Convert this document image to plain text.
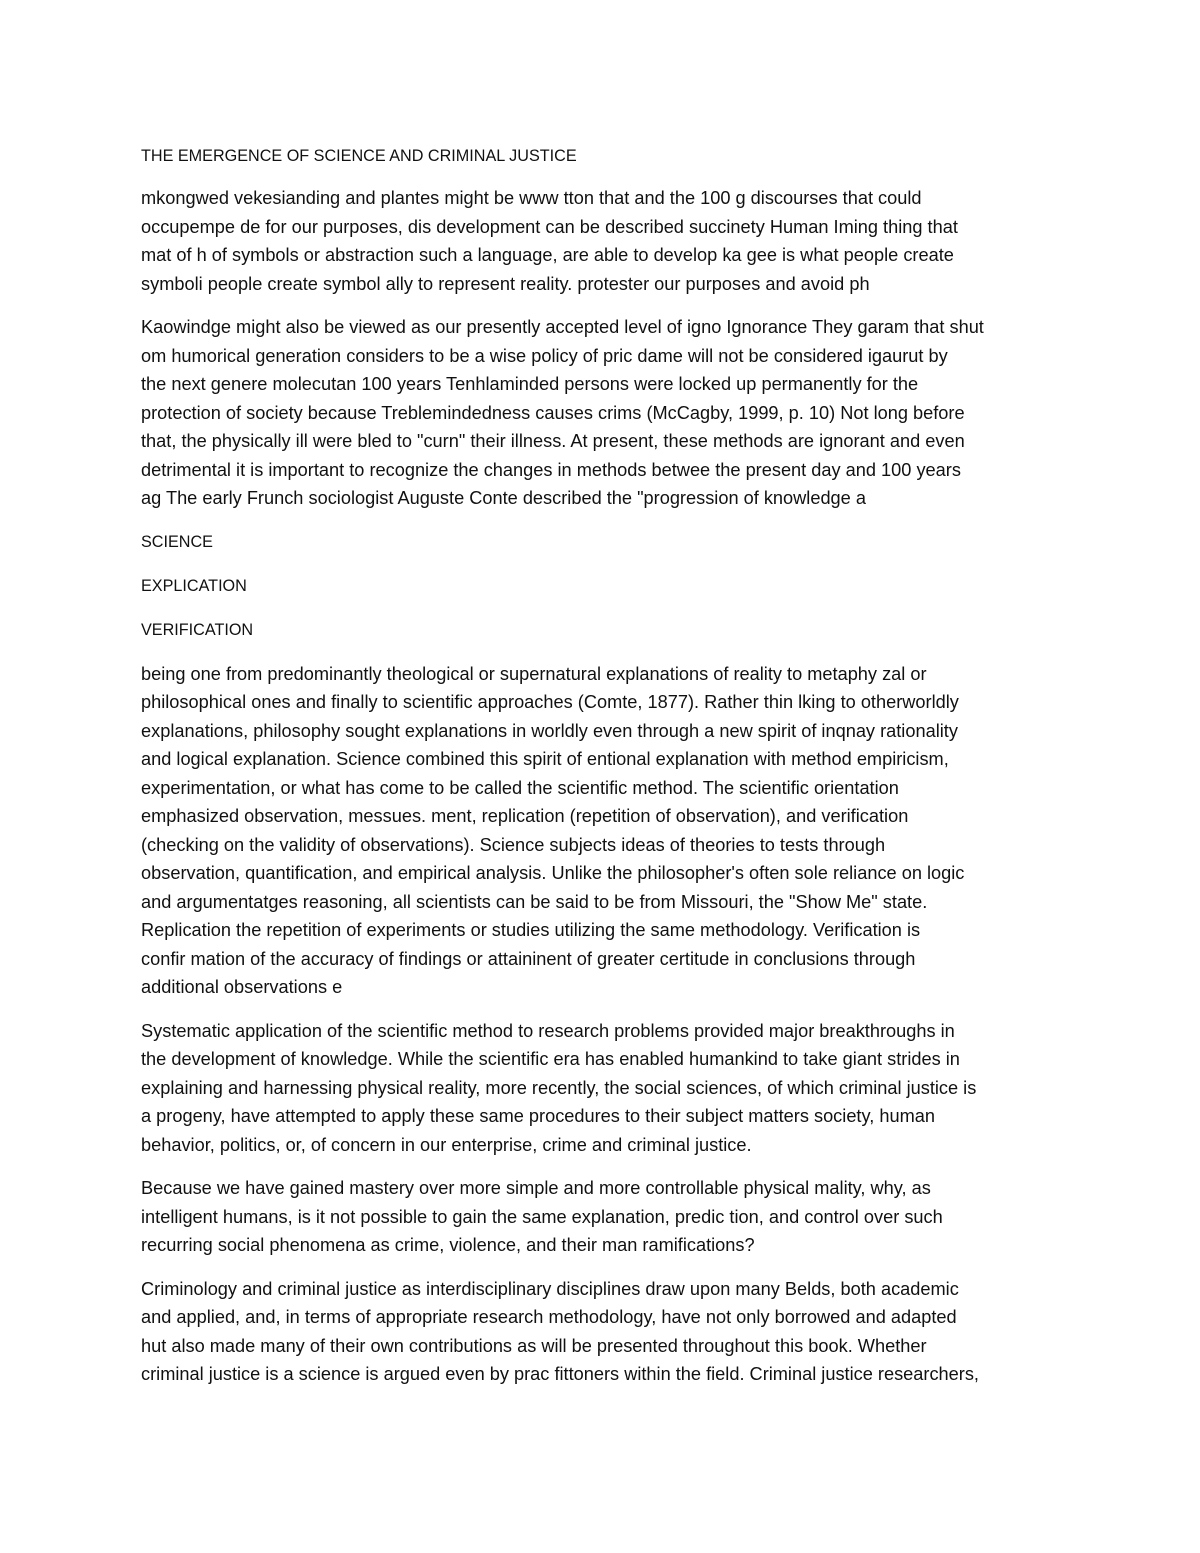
THE EMERGENCE OF SCIENCE AND CRIMINAL JUSTICE
mkongwed vekesianding and plantes might be www tton that and the 100 g discourses that could
occupempe de for our purposes, dis development can be described succinety Human Iming thing that
mat of h of symbols or abstraction such a language, are able to develop ka gee is what people create
symboli people create symbol ally to represent reality. protester our purposes and avoid ph
Kaowindge might also be viewed as our presently accepted level of igno Ignorance They garam that shut
om humorical generation considers to be a wise policy of pric dame will not be considered igaurut by
the next genere molecutan 100 years Tenhlaminded persons were locked up permanently for the
protection of society because Treblemindedness causes crims (McCagby, 1999, p. 10) Not long before
that, the physically ill were bled to "curn" their illness. At present, these methods are ignorant and even
detrimental it is important to recognize the changes in methods betwee the present day and 100 years
ag The early Frunch sociologist Auguste Conte described the "progression of knowledge a
SCIENCE
EXPLICATION
VERIFICATION
being one from predominantly theological or supernatural explanations of reality to metaphy zal or
philosophical ones and finally to scientific approaches (Comte, 1877). Rather thin lking to otherworldly
explanations, philosophy sought explanations in worldly even through a new spirit of inqnay rationality
and logical explanation. Science combined this spirit of entional explanation with method empiricism,
experimentation, or what has come to be called the scientific method. The scientific orientation
emphasized observation, messues. ment, replication (repetition of observation), and verification
(checking on the validity of observations). Science subjects ideas of theories to tests through
observation, quantification, and empirical analysis. Unlike the philosopher's often sole reliance on logic
and argumentatges reasoning, all scientists can be said to be from Missouri, the "Show Me" state.
Replication the repetition of experiments or studies utilizing the same methodology. Verification is
confir mation of the accuracy of findings or attaininent of greater certitude in conclusions through
additional observations e
Systematic application of the scientific method to research problems provided major breakthroughs in
the development of knowledge. While the scientific era has enabled humankind to take giant strides in
explaining and harnessing physical reality, more recently, the social sciences, of which criminal justice is
a progeny, have attempted to apply these same procedures to their subject matters society, human
behavior, politics, or, of concern in our enterprise, crime and criminal justice.
Because we have gained mastery over more simple and more controllable physical mality, why, as
intelligent humans, is it not possible to gain the same explanation, predic tion, and control over such
recurring social phenomena as crime, violence, and their man ramifications?
Criminology and criminal justice as interdisciplinary disciplines draw upon many Belds, both academic
and applied, and, in terms of appropriate research methodology, have not only borrowed and adapted
hut also made many of their own contributions as will be presented throughout this book. Whether
criminal justice is a science is argued even by prac fittoners within the field. Criminal justice researchers,
